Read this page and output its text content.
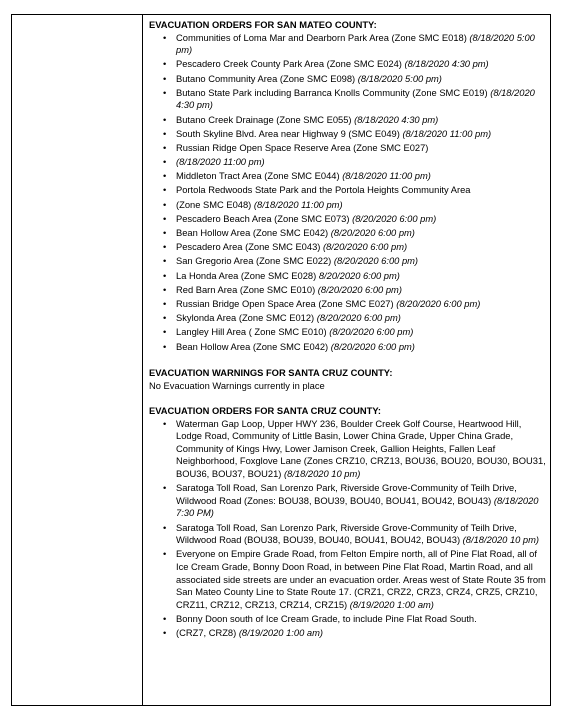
EVACUATION ORDERS FOR SAN MATEO COUNTY:
• Communities of Loma Mar and Dearborn Park Area (Zone SMC E018) (8/18/2020 5:00 pm)
• Pescadero Creek County Park Area (Zone SMC E024) (8/18/2020 4:30 pm)
• Butano Community Area (Zone SMC E098) (8/18/2020 5:00 pm)
• Butano State Park including Barranca Knolls Community (Zone SMC E019) (8/18/2020 4:30 pm)
• Butano Creek Drainage (Zone SMC E055) (8/18/2020 4:30 pm)
• South Skyline Blvd. Area near Highway 9 (SMC E049) (8/18/2020 11:00 pm)
• Russian Ridge Open Space Reserve Area (Zone SMC E027)
• (8/18/2020 11:00 pm)
• Middleton Tract Area (Zone SMC E044) (8/18/2020 11:00 pm)
• Portola Redwoods State Park and the Portola Heights Community Area
• (Zone SMC E048) (8/18/2020 11:00 pm)
• Pescadero Beach Area (Zone SMC E073) (8/20/2020 6:00 pm)
• Bean Hollow Area (Zone SMC E042) (8/20/2020 6:00 pm)
• Pescadero Area (Zone SMC E043) (8/20/2020 6:00 pm)
• San Gregorio Area (Zone SMC E022) (8/20/2020 6:00 pm)
• La Honda Area (Zone SMC E028) 8/20/2020 6:00 pm)
• Red Barn Area (Zone SMC E010) (8/20/2020 6:00 pm)
• Russian Bridge Open Space Area (Zone SMC E027) (8/20/2020 6:00 pm)
• Skylonda Area (Zone SMC E012) (8/20/2020 6:00 pm)
• Langley Hill Area ( Zone SMC E010) (8/20/2020 6:00 pm)
• Bean Hollow Area (Zone SMC E042) (8/20/2020 6:00 pm)
EVACUATION WARNINGS FOR SANTA CRUZ COUNTY:

No Evacuation Warnings currently in place

EVACUATION ORDERS FOR SANTA CRUZ COUNTY:
• Waterman Gap Loop, Upper HWY 236, Boulder Creek Golf Course, Heartwood Hill, Lodge Road, Community of Little Basin, Lower China Grade, Upper China Grade, Community of Kings Hwy, Lower Jamison Creek, Gallion Heights, Fallen Leaf Neighborhood, Foxglove Lane (Zones CRZ10, CRZ13, BOU36, BOU20, BOU30, BOU31, BOU36, BOU37, BOU21) (8/18/2020 10 pm)
• Saratoga Toll Road, San Lorenzo Park, Riverside Grove-Community of Teilh Drive, Wildwood Road (Zones: BOU38, BOU39, BOU40, BOU41, BOU42, BOU43) (8/18/2020 7:30 PM)
• Saratoga Toll Road, San Lorenzo Park, Riverside Grove-Community of Teilh Drive, Wildwood Road (BOU38, BOU39, BOU40, BOU41, BOU42, BOU43) (8/18/2020 10 pm)
• Everyone on Empire Grade Road, from Felton Empire north, all of Pine Flat Road, all of Ice Cream Grade, Bonny Doon Road, in between Pine Flat Road, Martin Road, and all associated side streets are under an evacuation order. Areas west of State Route 35 from San Mateo County Line to State Route 17. (CRZ1, CRZ2, CRZ3, CRZ4, CRZ5, CRZ10, CRZ11, CRZ12, CRZ13, CRZ14, CRZ15) (8/19/2020 1:00 am)
• Bonny Doon south of Ice Cream Grade, to include Pine Flat Road South.
• (CRZ7, CRZ8) (8/19/2020 1:00 am)
